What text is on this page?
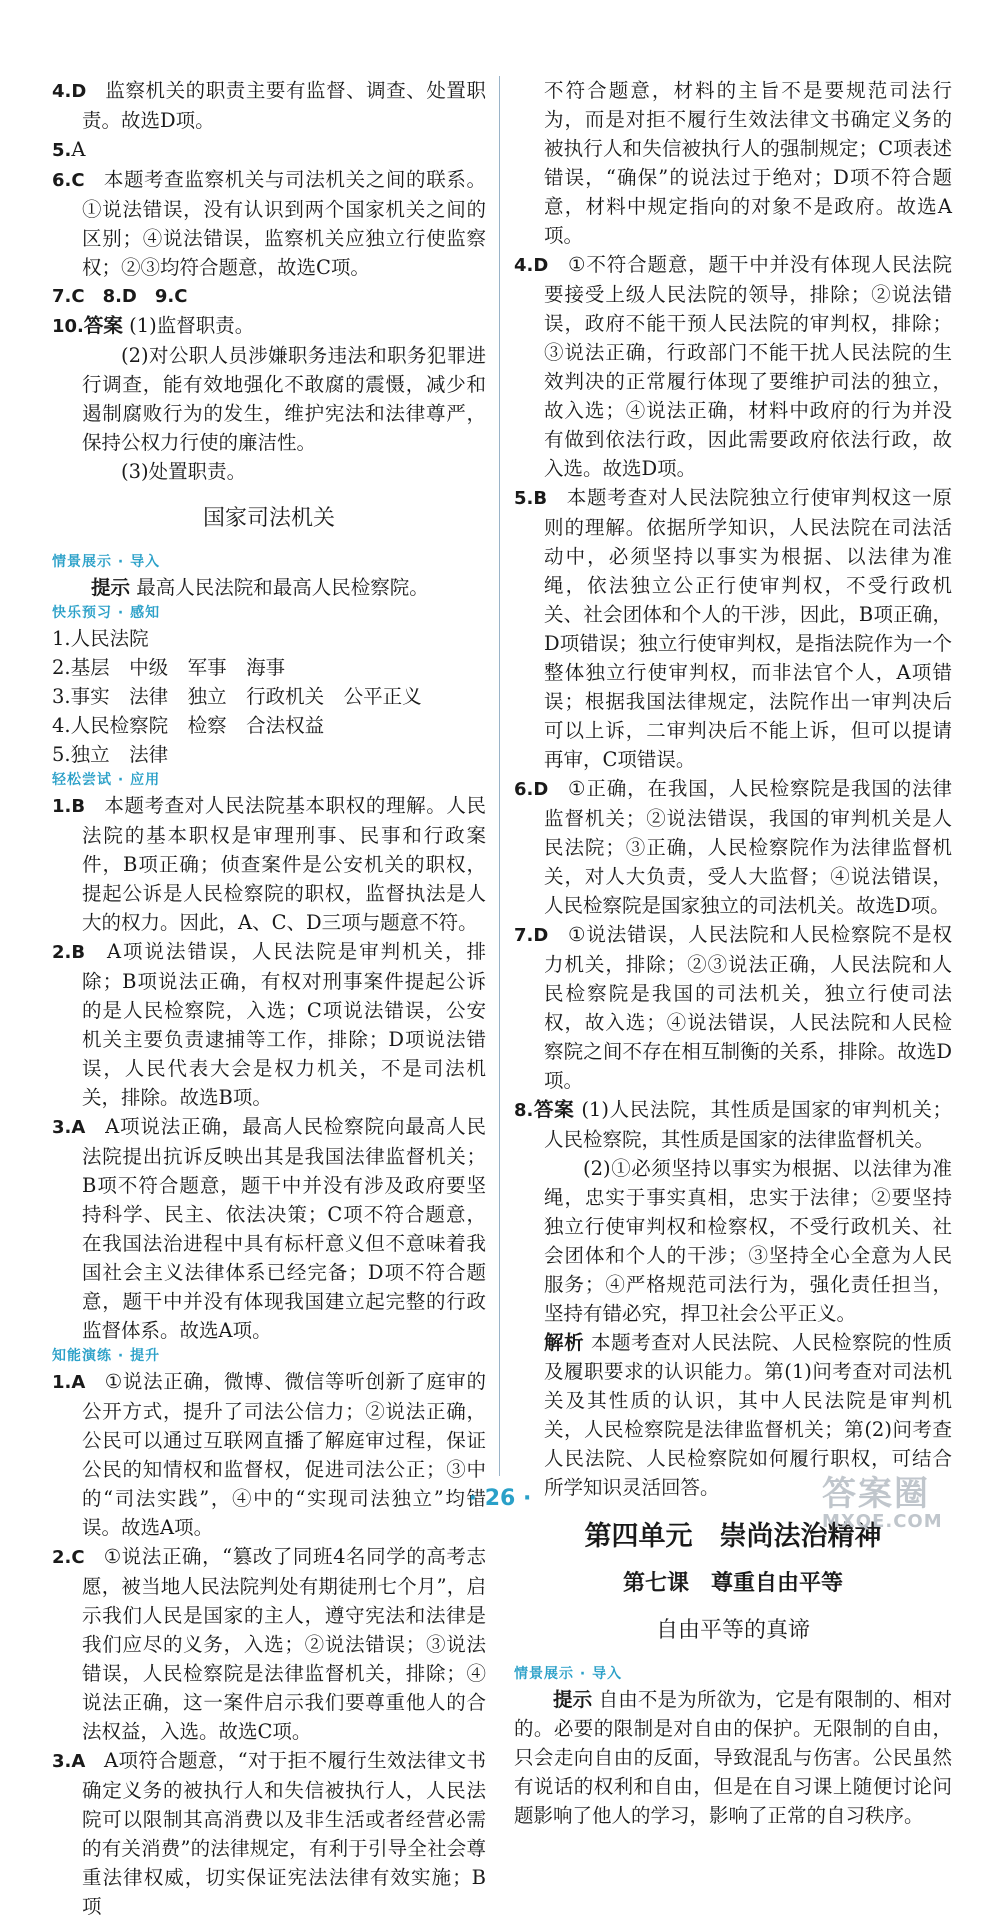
4.D　监察机关的职责主要有监督、调查、处置职责。故选D项。

5.A

6.C　本题考查监察机关与司法机关之间的联系。①说法错误，没有认识到两个国家机关之间的区别；④说法错误，监察机关应独立行使监察权；②③均符合题意，故选C项。

7.C　8.D　9.C

10.答案 (1)监督职责。

(2)对公职人员涉嫌职务违法和职务犯罪进行调查，能有效地强化不敢腐的震慑，减少和遏制腐败行为的发生，维护宪法和法律尊严，保持公权力行使的廉洁性。

(3)处置职责。

国家司法机关
情景展示 · 导入

提示 最高人民法院和最高人民检察院。

快乐预习 · 感知

1.人民法院

2.基层　中级　军事　海事

3.事实　法律　独立　行政机关　公平正义

4.人民检察院　检察　合法权益

5.独立　法律

轻松尝试 · 应用

1.B　本题考查对人民法院基本职权的理解。人民法院的基本职权是审理刑事、民事和行政案件，B项正确；侦查案件是公安机关的职权，提起公诉是人民检察院的职权，监督执法是人大的权力。因此，A、C、D三项与题意不符。

2.B　A项说法错误，人民法院是审判机关，排除；B项说法正确，有权对刑事案件提起公诉的是人民检察院，入选；C项说法错误，公安机关主要负责逮捕等工作，排除；D项说法错误，人民代表大会是权力机关，不是司法机关，排除。故选B项。

3.A　A项说法正确，最高人民检察院向最高人民法院提出抗诉反映出其是我国法律监督机关；B项不符合题意，题干中并没有涉及政府要坚持科学、民主、依法决策；C项不符合题意，在我国法治进程中具有标杆意义但不意味着我国社会主义法律体系已经完备；D项不符合题意，题干中并没有体现我国建立起完整的行政监督体系。故选A项。

知能演练 · 提升

1.A　①说法正确，微博、微信等听创新了庭审的公开方式，提升了司法公信力；②说法正确，公民可以通过互联网直播了解庭审过程，保证公民的知情权和监督权，促进司法公正；③中的“司法实践”，④中的“实现司法独立”均错误。故选A项。

2.C　①说法正确，“篡改了同班4名同学的高考志愿，被当地人民法院判处有期徒刑七个月”，启示我们人民是国家的主人，遵守宪法和法律是我们应尽的义务，入选；②说法错误；③说法错误，人民检察院是法律监督机关，排除；④说法正确，这一案件启示我们要尊重他人的合法权益，入选。故选C项。

3.A　A项符合题意，“对于拒不履行生效法律文书确定义务的被执行人和失信被执行人，人民法院可以限制其高消费以及非生活或者经营必需的有关消费”的法律规定，有利于引导全社会尊重法律权威，切实保证宪法法律有效实施；B项

不符合题意，材料的主旨不是要规范司法行为，而是对拒不履行生效法律文书确定义务的被执行人和失信被执行人的强制规定；C项表述错误，“确保”的说法过于绝对；D项不符合题意，材料中规定指向的对象不是政府。故选A项。

4.D　①不符合题意，题干中并没有体现人民法院要接受上级人民法院的领导，排除；②说法错误，政府不能干预人民法院的审判权，排除；③说法正确，行政部门不能干扰人民法院的生效判决的正常履行体现了要维护司法的独立，故入选；④说法正确，材料中政府的行为并没有做到依法行政，因此需要政府依法行政，故入选。故选D项。

5.B　本题考查对人民法院独立行使审判权这一原则的理解。依据所学知识，人民法院在司法活动中，必须坚持以事实为根据、以法律为准绳，依法独立公正行使审判权，不受行政机关、社会团体和个人的干涉，因此，B项正确，D项错误；独立行使审判权，是指法院作为一个整体独立行使审判权，而非法官个人，A项错误；根据我国法律规定，法院作出一审判决后可以上诉，二审判决后不能上诉，但可以提请再审，C项错误。

6.D　①正确，在我国，人民检察院是我国的法律监督机关；②说法错误，我国的审判机关是人民法院；③正确，人民检察院作为法律监督机关，对人大负责，受人大监督；④说法错误，人民检察院是国家独立的司法机关。故选D项。

7.D　①说法错误，人民法院和人民检察院不是权力机关，排除；②③说法正确，人民法院和人民检察院是我国的司法机关，独立行使司法权，故入选；④说法错误，人民法院和人民检察院之间不存在相互制衡的关系，排除。故选D项。

8.答案 (1)人民法院，其性质是国家的审判机关；人民检察院，其性质是国家的法律监督机关。

(2)①必须坚持以事实为根据、以法律为准绳，忠实于事实真相，忠实于法律；②要坚持独立行使审判权和检察权，不受行政机关、社会团体和个人的干涉；③坚持全心全意为人民服务；④严格规范司法行为，强化责任担当，坚持有错必究，捍卫社会公平正义。

解析 本题考查对人民法院、人民检察院的性质及履职要求的认识能力。第(1)问考查对司法机关及其性质的认识，其中人民法院是审判机关，人民检察院是法律监督机关；第(2)问考查人民法院、人民检察院如何履行职权，可结合所学知识灵活回答。

第四单元　崇尚法治精神
第七课　尊重自由平等
自由平等的真谛
情景展示 · 导入

提示 自由不是为所欲为，它是有限制的、相对的。必要的限制是对自由的保护。无限制的自由，只会走向自由的反面，导致混乱与伤害。公民虽然有说话的权利和自由，但是在自习课上随便讨论问题影响了他人的学习，影响了正常的自习秩序。

· 26 ·	答案圈
MXQE.COM
